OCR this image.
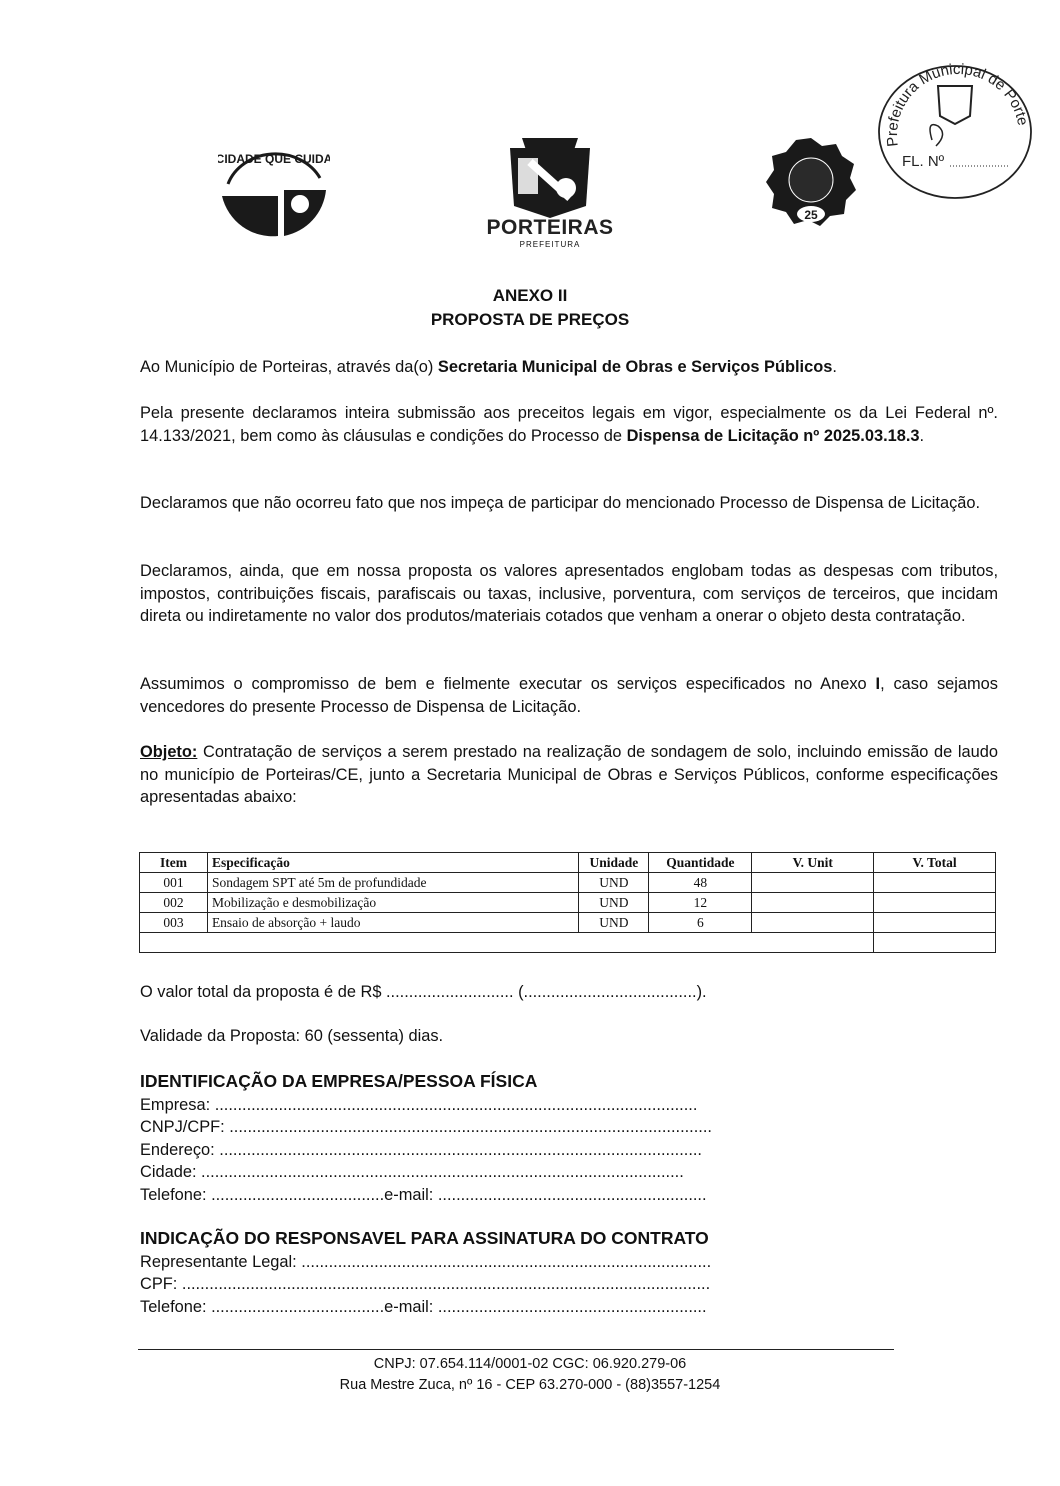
CIDADE QUE CUIDA
PORTEIRAS
PREFEITURA
25
Prefeitura Municipal de Porte
FL. Nº
ANEXO II
PROPOSTA DE PREÇOS
Ao Município de Porteiras, através da(o) Secretaria Municipal de Obras e Serviços Públicos.
Pela presente declaramos inteira submissão aos preceitos legais em vigor, especialmente os da Lei Federal nº. 14.133/2021, bem como às cláusulas e condições do Processo de Dispensa de Licitação nº 2025.03.18.3.
Declaramos que não ocorreu fato que nos impeça de participar do mencionado Processo de Dispensa de Licitação.
Declaramos, ainda, que em nossa proposta os valores apresentados englobam todas as despesas com tributos, impostos, contribuições fiscais, parafiscais ou taxas, inclusive, porventura, com serviços de terceiros, que incidam direta ou indiretamente no valor dos produtos/materiais cotados que venham a onerar o objeto desta contratação.
Assumimos o compromisso de bem e fielmente executar os serviços especificados no Anexo I, caso sejamos vencedores do presente Processo de Dispensa de Licitação.
Objeto: Contratação de serviços a serem prestado na realização de sondagem de solo, incluindo emissão de laudo no município de Porteiras/CE, junto a Secretaria Municipal de Obras e Serviços Públicos, conforme especificações apresentadas abaixo:
Item	Especificação	Unidade	Quantidade	V. Unit	V. Total
001	Sondagem SPT até 5m de profundidade	UND	48		
002	Mobilização e desmobilização	UND	12		
003	Ensaio de absorção + laudo	UND	6		

O valor total da proposta é de R$ ............................ (......................................).
Validade da Proposta: 60 (sessenta) dias.
IDENTIFICAÇÃO DA EMPRESA/PESSOA FÍSICA
Empresa: ..........................................................................................................
CNPJ/CPF: ..........................................................................................................
Endereço: ..........................................................................................................
Cidade: ..........................................................................................................
Telefone: ......................................e-mail: ...........................................................
INDICAÇÃO DO RESPONSAVEL PARA ASSINATURA DO CONTRATO
Representante Legal: ..........................................................................................
CPF: ....................................................................................................................
Telefone: ......................................e-mail: ...........................................................
CNPJ: 07.654.114/0001-02 CGC: 06.920.279-06
Rua Mestre Zuca, nº 16 - CEP 63.270-000 - (88)3557-1254
